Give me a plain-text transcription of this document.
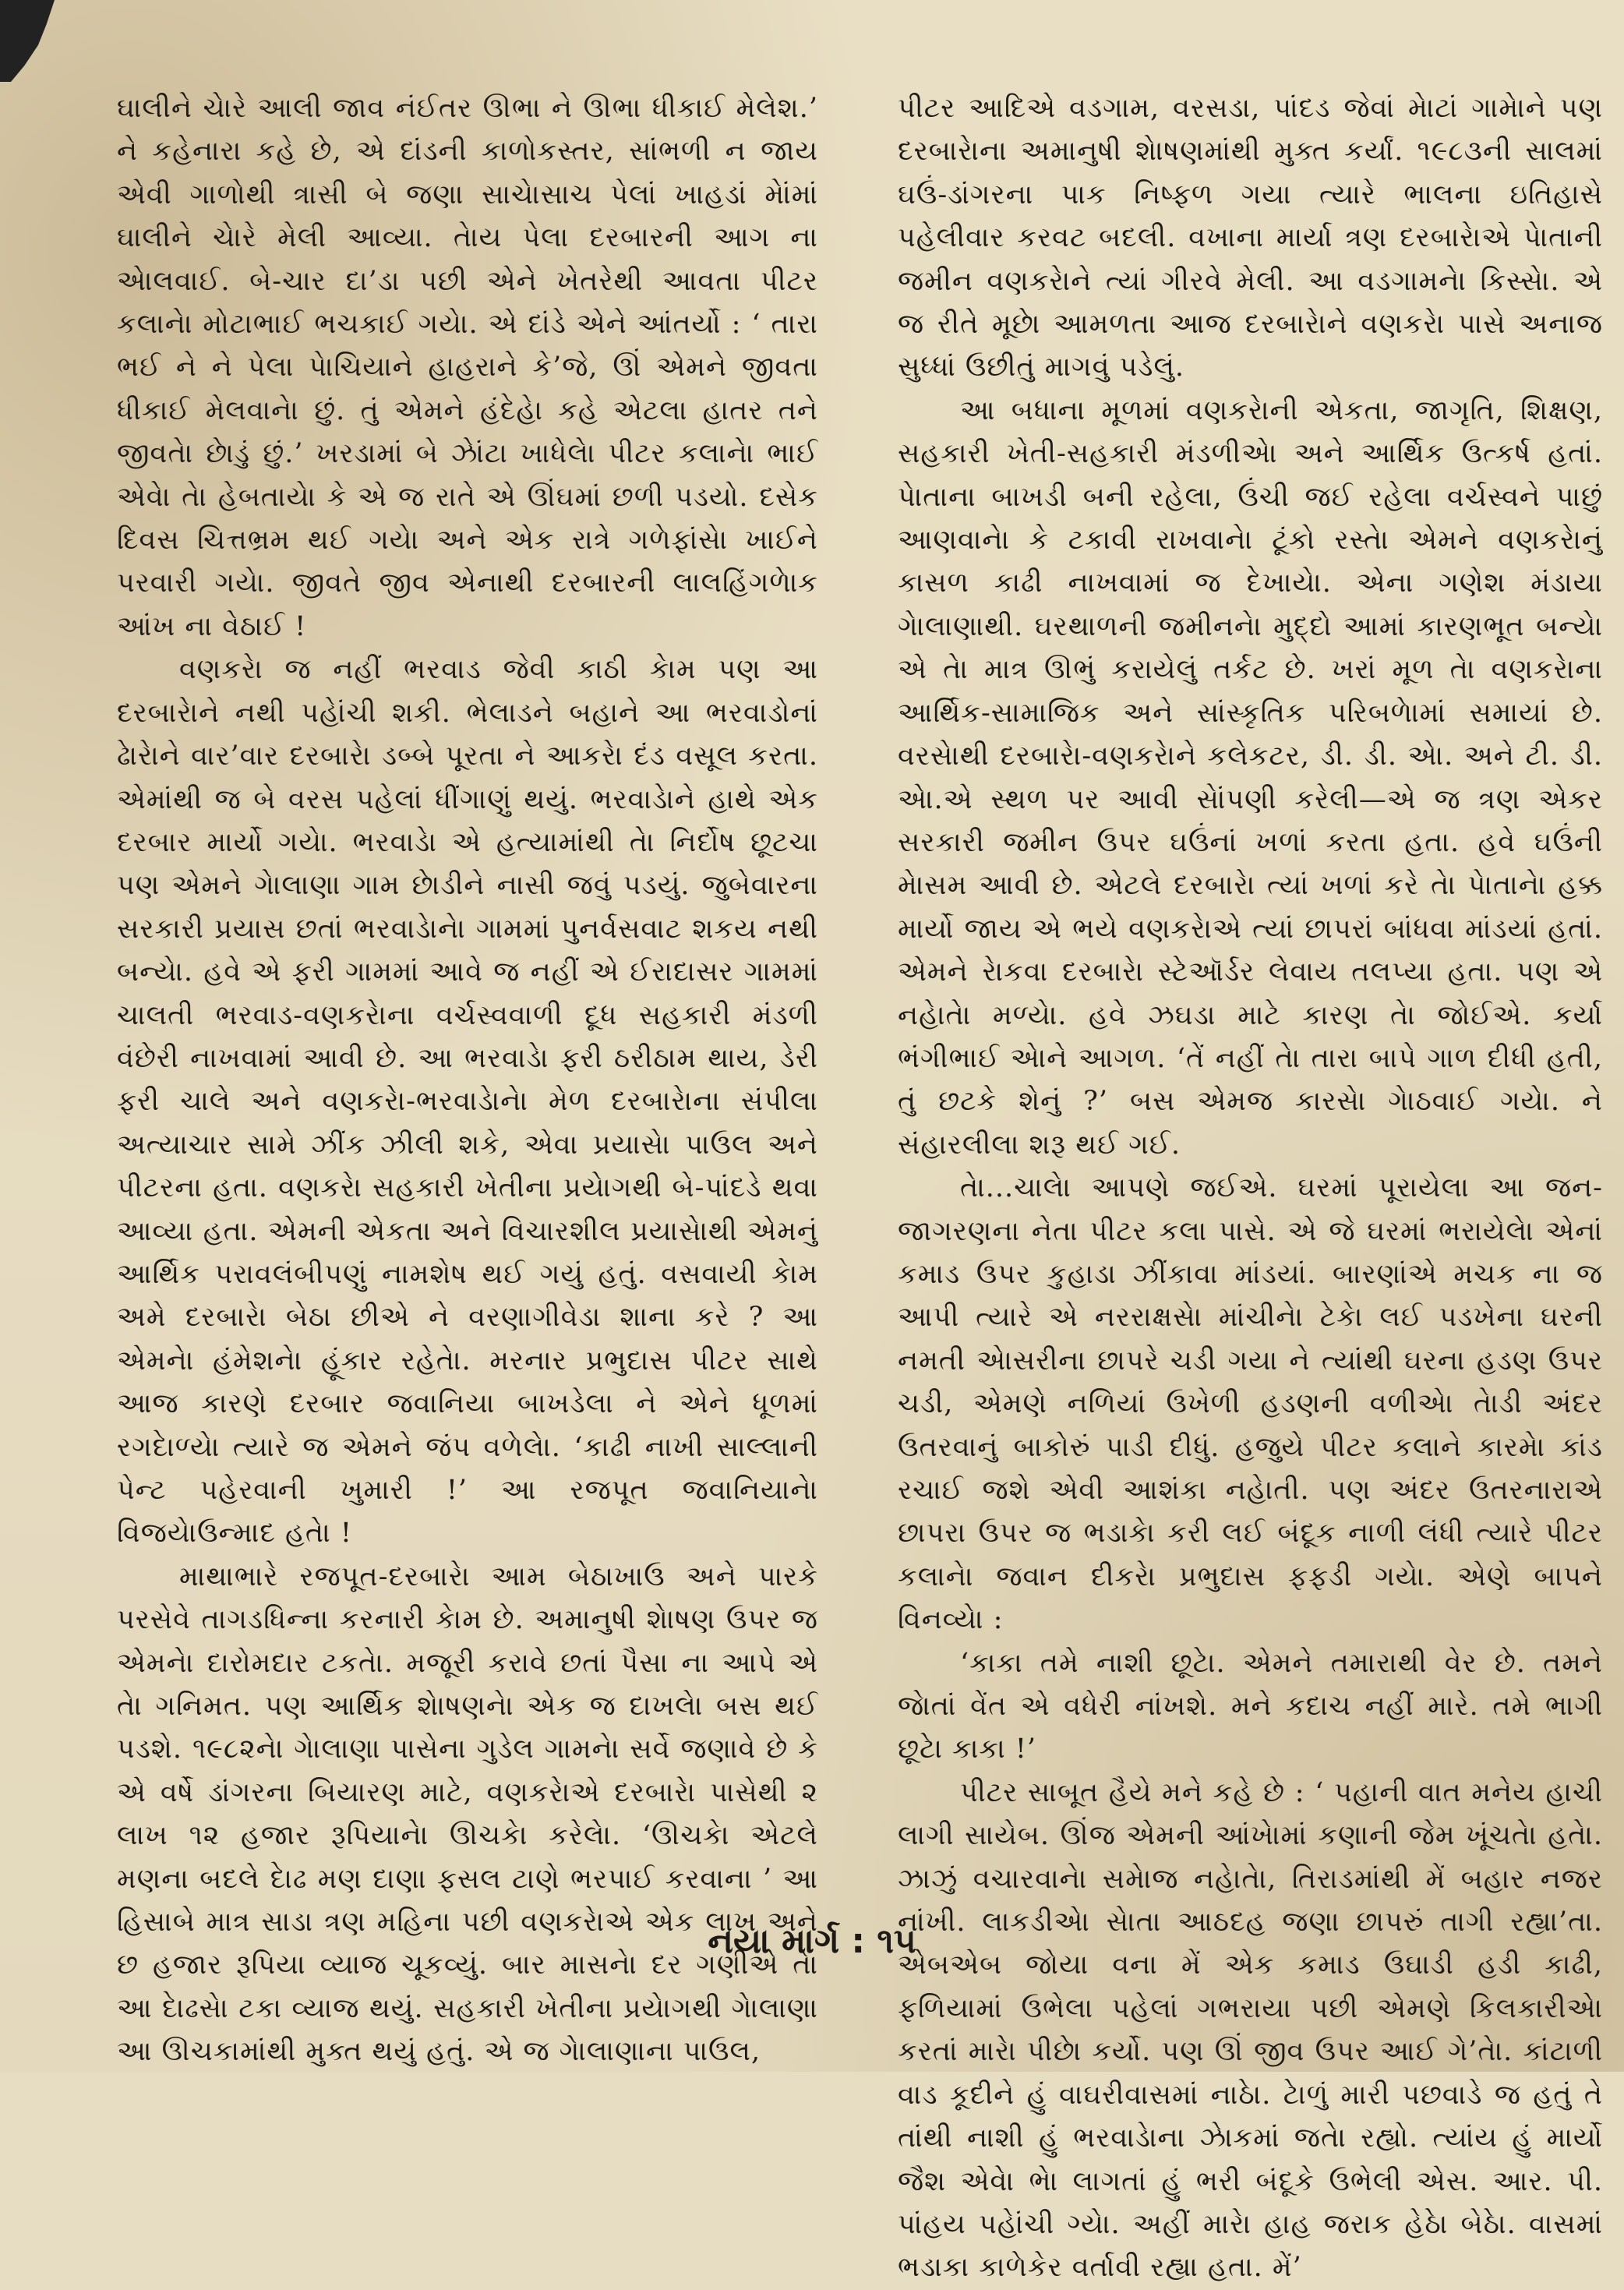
ઘાલીને ચેારે આલી જાવ નંઈતર ઊભા ને ઊભા ધીકાઈ મેલેશ.’ ને કહેનારા કહે છે, એ દાંડની કાળોકસ્તર, સાંભળી ન જાય એવી ગાળોથી ત્રાસી બે જણા સાચેાસાચ પેલાં ખાહડાં મેાંમાં ઘાલીને ચેારે મેલી આવ્યા. તેાય પેલા દરબારની આગ ના એાલવાઈ. બે-ચાર દા’ડા પછી એને ખેતરેથી આવતા પીટર કલાનેા મોટાભાઈ ભચકાઈ ગયેા. એ દાંડે એને આંતર્યો : ‘ તારા ભઈ ને ને પેલા પેાચિયાને હાહરાને કે’જે, ઊં એમને જીવતા ધીકાઈ મેલવાનેા છું. તું એમને હંદેહેા કહે એટલા હાતર તને જીવતેા છેાડું છું.’ ખરડામાં બે ઝેાંટા ખાધેલેા પીટર કલાનેા ભાઈ એવેા તેા હેબતાયેા કે એ જ રાતે એ ઊંઘમાં છળી પડયો. દસેક દિવસ ચિત્તભ્રમ થઈ ગયેા અને એક રાત્રે ગળેફાંસેા ખાઈને પરવારી ગયેા. જીવતે જીવ એનાથી દરબારની લાલહિંગળેાક આંખ ના વેઠાઈ !

વણકરેા જ નહીં ભરવાડ જેવી કાઠી કેામ પણ આ દરબારેાને નથી પહેાંચી શકી. ભેલાડને બહાને આ ભરવાડોનાં ઢેારેાને વાર’વાર દરબારેા ડબ્બે પૂરતા ને આકરેા દંડ વસૂલ કરતા. એમાંથી જ બે વરસ પહેલાં ધીંગાણું થયું. ભરવાડેાને હાથે એક દરબાર માર્યો ગયેા. ભરવાડેા એ હત્યામાંથી તેા નિર્દોષ છૂટચા પણ એમને ગેાલાણા ગામ છેાડીને નાસી જવું પડયું. જુબેવારના સરકારી પ્રયાસ છતાં ભરવાડેાનેા ગામમાં પુનર્વસવાટ શકય નથી બન્યેા. હવે એ ફરી ગામમાં આવે જ નહીં એ ઈરાદાસર ગામમાં ચાલતી ભરવાડ-વણકરેાના વર્ચસ્વવાળી દૂધ સહકારી મંડળી વંછેરી નાખવામાં આવી છે. આ ભરવાડેા ફરી ઠરીઠામ થાય, ડેરી ફરી ચાલે અને વણકરેા-ભરવાડેાનેા મેળ દરબારેાના સંપીલા અત્યાચાર સામે ઝીંક ઝીલી શકે, એવા પ્રયાસેા પાઉલ અને પીટરના હતા. વણકરેા સહકારી ખેતીના પ્રયેાગથી બે-પાંદડે થવા આવ્યા હતા. એમની એકતા અને વિચારશીલ પ્રયાસેાથી એમનું આર્થિક પરાવલંબીપણું નામશેષ થઈ ગયું હતું. વસવાયી કેામ અમે દરબારેા બેઠા છીએ ને વરણાગીવેડા શાના કરે ? આ એમનેા હંમેશનેા હૂંકાર રહેતેા. મરનાર પ્રભુદાસ પીટર સાથે આજ કારણે દરબાર જવાનિયા બાખડેલા ને એને ધૂળમાં રગદેાળ્યેા ત્યારે જ એમને જંપ વળેલેા. ‘કાઢી નાખી સાલ્લાની પેન્ટ પહેરવાની ખુમારી !’ આ રજપૂત જવાનિયાનેા વિજયેાઉન્માદ હતેા !

માથાભારે રજપૂત-દરબારેા આમ બેઠાખાઉ અને પારકે પરસેવે તાગડધિન્ના કરનારી કેામ છે. અમાનુષી શેાષણ ઉપર જ એમનેા દારોમદાર ટકતેા. મજૂરી કરાવે છતાં પૈસા ના આપે એ તેા ગનિમત. પણ આર્થિક શેાષણનેા એક જ દાખલેા બસ થઈ પડશે. ૧૯૮૨નેા ગેાલાણા પાસેના ગુડેલ ગામનેા સર્વે જણાવે છે કે એ વર્ષે ડાંગરના બિયારણ માટે, વણકરેાએ દરબારેા પાસેથી ૨ લાખ ૧૨ હજાર રૂપિયાનેા ઊચકેા કરેલેા. ‘ઊચકેા એટલે મણના બદલે દેાઢ મણ દાણા ફસલ ટાણે ભરપાઈ કરવાના ’ આ હિસાબે માત્ર સાડા ત્રણ મહિના પછી વણકરેાએ એક લાખ અને છ હજાર રૂપિયા વ્યાજ ચૂકવ્યું. બાર માસનેા દર ગણીએ તેા આ દેાઢસેા ટકા વ્યાજ થયું. સહકારી ખેતીના પ્રયેાગથી ગેાલાણા આ ઊચકામાંથી મુક્ત થયું હતું. એ જ ગેાલાણાના પાઉલ,

પીટર આદિએ વડગામ, વરસડા, પાંદડ જેવાં મેાટાં ગામેાને પણ દરબારેાના અમાનુષી શેાષણમાંથી મુક્ત કર્યાં. ૧૯૮૩ની સાલમાં ઘઉં-ડાંગરના પાક નિષ્ફળ ગયા ત્યારે ભાલના ઇતિહાસે પહેલીવાર કરવટ બદલી. વખાના માર્યા ત્રણ દરબારેાએ પેાતાની જમીન વણકરેાને ત્યાં ગીરવે મેલી. આ વડગામનેા કિસ્સેા. એ જ રીતે મૂછેા આમળતા આજ દરબારેાને વણકરેા પાસે અનાજ સુધ્ધાં ઉછીતું માગવું પડેલું.

આ બધાના મૂળમાં વણકરેાની એકતા, જાગૃતિ, શિક્ષણ, સહકારી ખેતી-સહકારી મંડળીએા અને આર્થિક ઉત્કર્ષ હતાં. પેાતાના બાખડી બની રહેલા, ઉંચી જઈ રહેલા વર્ચસ્વને પાછું આણવાનેા કે ટકાવી રાખવાનેા ટૂંકો રસ્તેા એમને વણકરેાનું કાસળ કાઢી નાખવામાં જ દેખાયેા. એના ગણેશ મંડાયા ગેાલાણાથી. ઘરથાળની જમીનનેા મુદ્દો આમાં કારણભૂત બન્યેા એ તેા માત્ર ઊભું કરાયેલું તર્કટ છે. ખરાં મૂળ તેા વણકરેાના આર્થિક-સામાજિક અને સાંસ્કૃતિક પરિબળેામાં સમાયાં છે. વરસેાથી દરબારેા-વણકરેાને કલેકટર, ડી. ડી. એા. અને ટી. ડી. એા.એ સ્થળ પર આવી સેાંપણી કરેલી—એ જ ત્રણ એકર સરકારી જમીન ઉપર ઘઉંનાં ખળાં કરતા હતા. હવે ઘઉંની મેાસમ આવી છે. એટલે દરબારેા ત્યાં ખળાં કરે તેા પેાતાનેા હક્ક માર્યો જાય એ ભયે વણકરેાએ ત્યાં છાપરાં બાંધવા માંડયાં હતાં. એમને રેાકવા દરબારેા સ્ટેઑર્ડર લેવાય તલપ્યા હતા. પણ એ નહેાતેા મળ્યેા. હવે ઝઘડા માટે કારણ તેા જોઈએ. કર્યા ભંગીભાઈ એાને આગળ. ‘તેં નહીં તેા તારા બાપે ગાળ દીધી હતી, તું છટકે શેનું ?’ બસ એમજ કારસેા ગેાઠવાઈ ગયેા. ને સંહારલીલા શરૂ થઈ ગઈ.

તેા...ચાલેા આપણે જઈએ. ઘરમાં પૂરાયેલા આ જન-જાગરણના નેતા પીટર કલા પાસે. એ જે ઘરમાં ભરાયેલેા એનાં કમાડ ઉપર કુહાડા ઝીંકાવા માંડયાં. બારણાંએ મચક ના જ આપી ત્યારે એ નરરાક્ષસેા માંચીનેા ટેકેા લઈ પડખેના ઘરની નમતી એાસરીના છાપરે ચડી ગયા ને ત્યાંથી ઘરના હડણ ઉપર ચડી, એમણે નળિયાં ઉખેળી હડણની વળીએા તેાડી અંદર ઉતરવાનું બાકોરું પાડી દીધું. હજુયે પીટર કલાને કારમેા કાંડ રચાઈ જશે એવી આશંકા નહેાતી. પણ અંદર ઉતરનારાએ છાપરા ઉપર જ ભડાકેા કરી લઈ બંદૂક નાળી લંધી ત્યારે પીટર કલાનેા જવાન દીકરેા પ્રભુદાસ ફફડી ગયેા. એણે બાપને વિનવ્યેા :

‘કાકા તમે નાશી છૂટેા. એમને તમારાથી વેર છે. તમને જેાતાં વેંત એ વધેરી નાંખશે. મને કદાચ નહીં મારે. તમે ભાગી છૂટેા કાકા !’

પીટર સાબૂત હૈયે મને કહે છે : ‘ પહાની વાત મનેય હાચી લાગી સાયેબ. ઊંજ એમની આંખેામાં કણાની જેમ ખૂંચતેા હતેા. ઝાઝું વચારવાનેા સમેાજ નહેાતેા, તિરાડમાંથી મેં બહાર નજર નાંખી. લાકડીએા સેાતા આઠદહ જણા છાપરું તાગી રહ્યા’તા. એબએબ જોયા વના મેં એક કમાડ ઉઘાડી હડી કાઢી, ફળિયામાં ઉભેલા પહેલાં ગભરાયા પછી એમણે કિલકારીએા કરતાં મારેા પીછેા કર્યો. પણ ઊં જીવ ઉપર આઈ ગે’તેા. કાંટાળી વાડ કૂદીને હું વાઘરીવાસમાં નાઠેા. ટેાળું મારી પછવાડે જ હતું તે તાંથી નાશી હું ભરવાડેાના ઝેાકમાં જતેા રહ્યો. ત્યાંય હું માર્યો જૈશ એવેા ભેા લાગતાં હું ભરી બંદૂકે ઉભેલી એસ. આર. પી. પાંહય પહેાંચી ગ્યેા. અહીં મારેા હાહ જરાક હેઠેા બેઠેા. વાસમાં ભડાકા કાળેકેર વર્તાવી રહ્યા હતા. મેં’

નયા માર્ગ : ૧૫
